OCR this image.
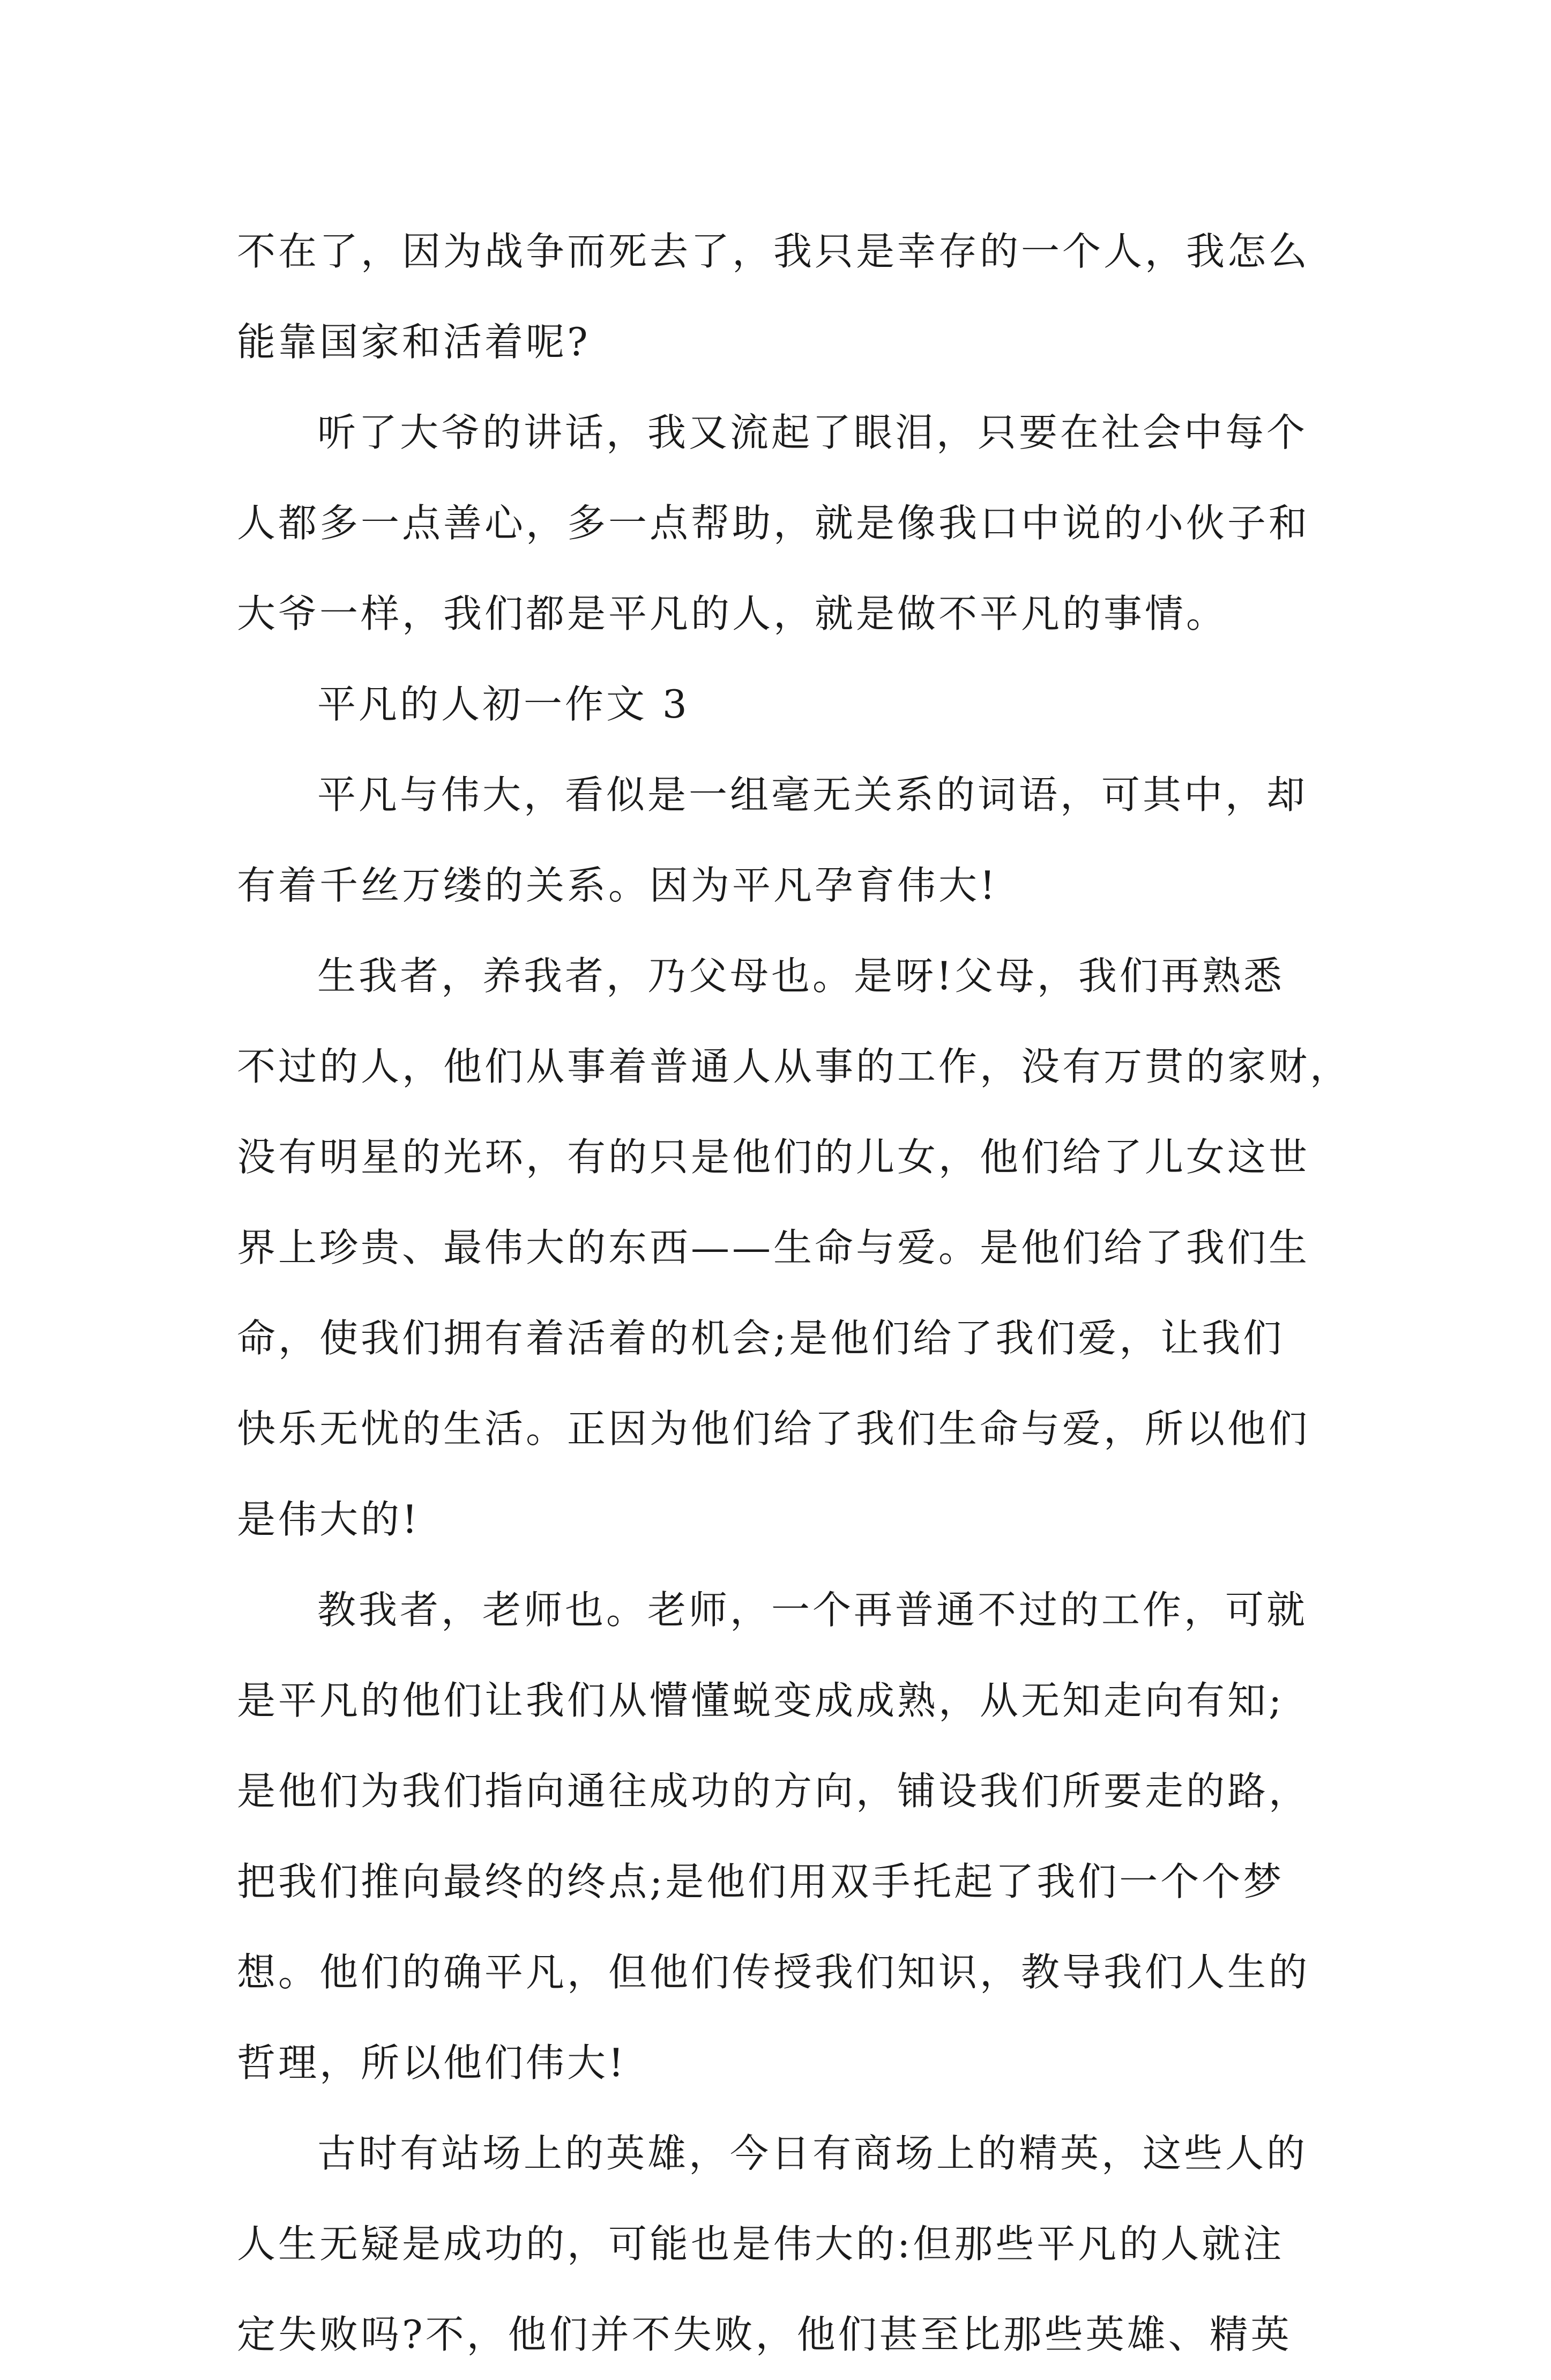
不在了，因为战争而死去了，我只是幸存的一个人，我怎么
能靠国家和活着呢?

听了大爷的讲话，我又流起了眼泪，只要在社会中每个
人都多一点善心，多一点帮助，就是像我口中说的小伙子和
大爷一样，我们都是平凡的人，就是做不平凡的事情。

平凡的人初一作文 3

平凡与伟大，看似是一组毫无关系的词语，可其中，却
有着千丝万缕的关系。因为平凡孕育伟大!

生我者，养我者，乃父母也。是呀!父母，我们再熟悉
不过的人，他们从事着普通人从事的工作，没有万贯的家财，
没有明星的光环，有的只是他们的儿女，他们给了儿女这世
界上珍贵、最伟大的东西——生命与爱。是他们给了我们生
命，使我们拥有着活着的机会;是他们给了我们爱，让我们
快乐无忧的生活。正因为他们给了我们生命与爱，所以他们
是伟大的!

教我者，老师也。老师，一个再普通不过的工作，可就
是平凡的他们让我们从懵懂蜕变成成熟，从无知走向有知;
是他们为我们指向通往成功的方向，铺设我们所要走的路，
把我们推向最终的终点;是他们用双手托起了我们一个个梦
想。他们的确平凡，但他们传授我们知识，教导我们人生的
哲理，所以他们伟大!

古时有站场上的英雄，今日有商场上的精英，这些人的
人生无疑是成功的，可能也是伟大的:但那些平凡的人就注
定失败吗?不，他们并不失败，他们甚至比那些英雄、精英
